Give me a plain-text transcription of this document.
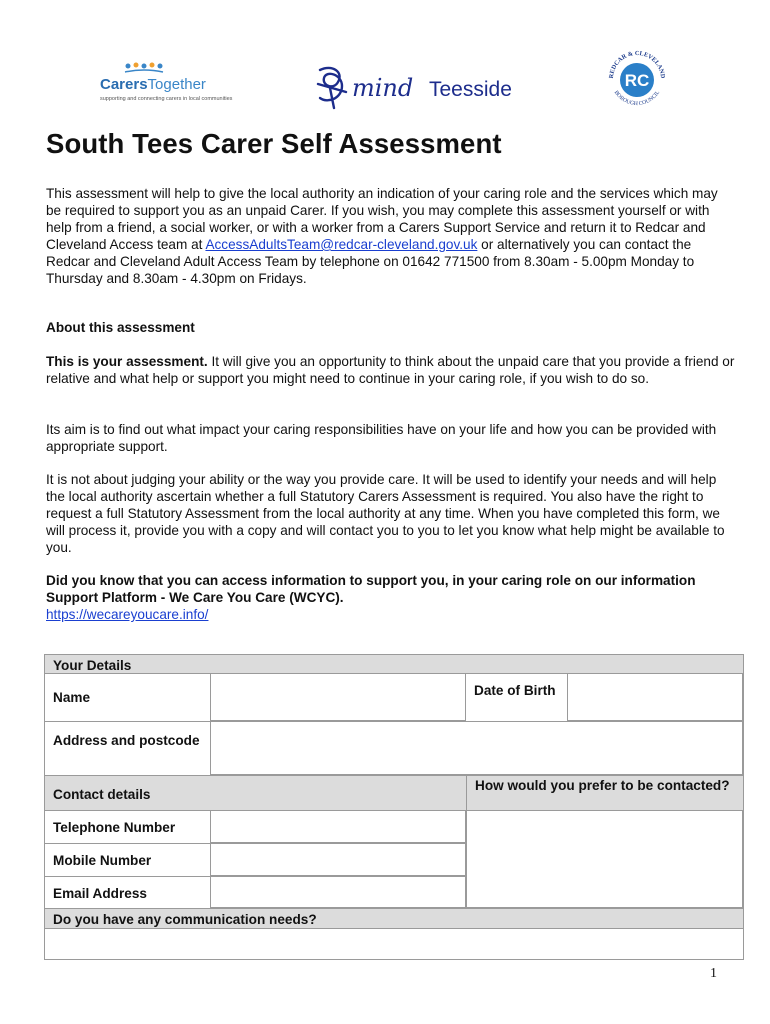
CarersTogether
supporting and connecting carers in local communities	mind Teesside
REDCAR & CLEVELAND
BOROUGH COUNCIL
RC
South Tees Carer Self Assessment

This assessment will help to give the local authority an indication of your caring role and the services which may be required to support you as an unpaid Carer. If you wish, you may complete this assessment yourself or with help from a friend, a social worker, or with a worker from a Carers Support Service and return it to Redcar and Cleveland Access team at AccessAdultsTeam@redcar-cleveland.gov.uk or alternatively you can contact the Redcar and Cleveland Adult Access Team by telephone on 01642 771500 from 8.30am - 5.00pm Monday to Thursday and 8.30am - 4.30pm on Fridays.

About this assessment

This is your assessment. It will give you an opportunity to think about the unpaid care that you provide a friend or relative and what help or support you might need to continue in your caring role, if you wish to do so.

Its aim is to find out what impact your caring responsibilities have on your life and how you can be provided with appropriate support.

It is not about judging your ability or the way you provide care. It will be used to identify your needs and will help the local authority ascertain whether a full Statutory Carers Assessment is required. You also have the right to request a full Statutory Assessment from the local authority at any time. When you have completed this form, we will process it, provide you with a copy and will contact you to you to let you know what help might be available to you.

Did you know that you can access information to support you, in your caring role on our information Support Platform - We Care You Care (WCYC).
https://wecareyoucare.info/

Your Details
Name	Date of Birth
Address and postcode
Contact details
How would you prefer to be contacted?
Telephone Number
Mobile Number
Email Address
Do you have any communication needs?
1
